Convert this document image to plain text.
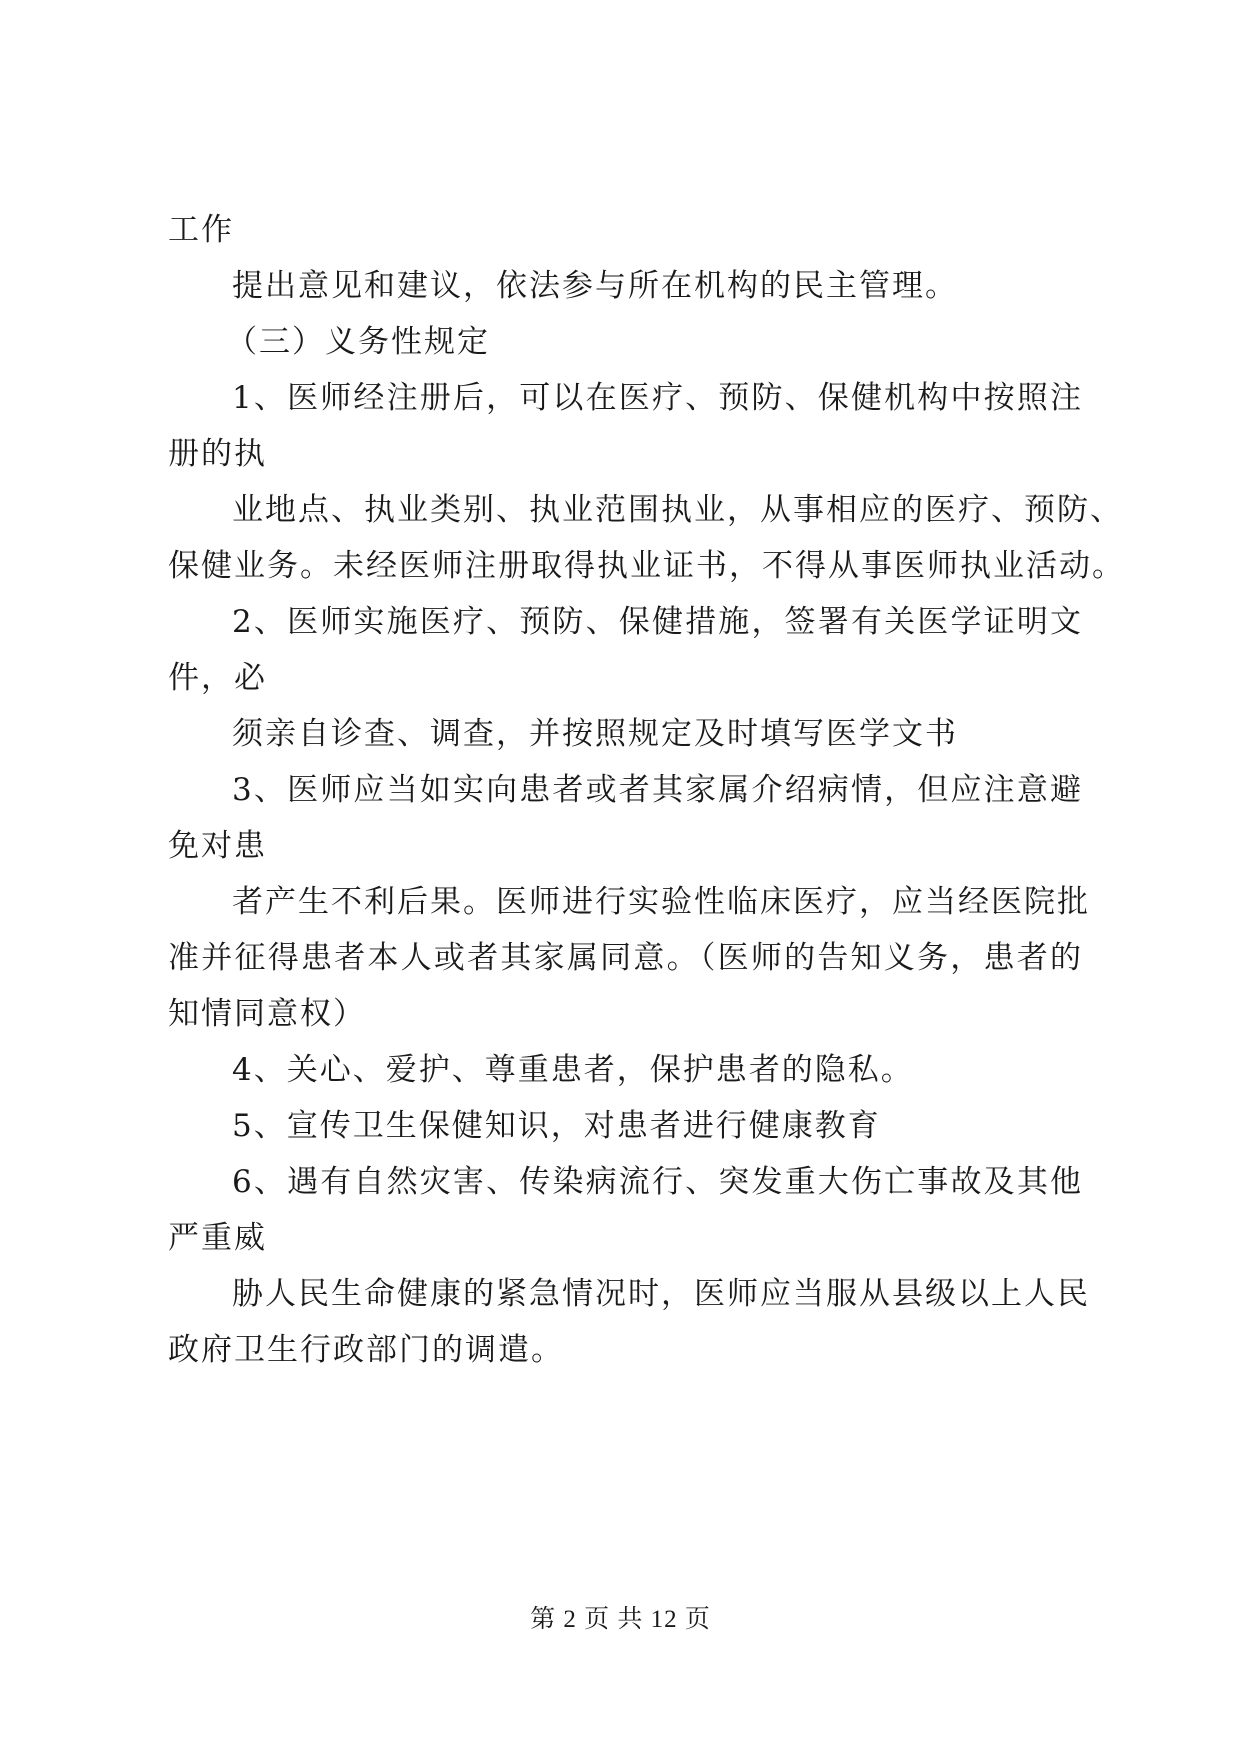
工作
提出意见和建议，依法参与所在机构的民主管理。
（三）义务性规定
1、医师经注册后，可以在医疗、预防、保健机构中按照注
册的执
业地点、执业类别、执业范围执业，从事相应的医疗、预防、
保健业务。未经医师注册取得执业证书，不得从事医师执业活动。
2、医师实施医疗、预防、保健措施，签署有关医学证明文
件，必
须亲自诊查、调查，并按照规定及时填写医学文书
3、医师应当如实向患者或者其家属介绍病情，但应注意避
免对患
者产生不利后果。医师进行实验性临床医疗，应当经医院批
准并征得患者本人或者其家属同意。（医师的告知义务，患者的
知情同意权）
4、关心、爱护、尊重患者，保护患者的隐私。
5、宣传卫生保健知识，对患者进行健康教育
6、遇有自然灾害、传染病流行、突发重大伤亡事故及其他
严重威
胁人民生命健康的紧急情况时，医师应当服从县级以上人民
政府卫生行政部门的调遣。
第 2 页 共 12 页
